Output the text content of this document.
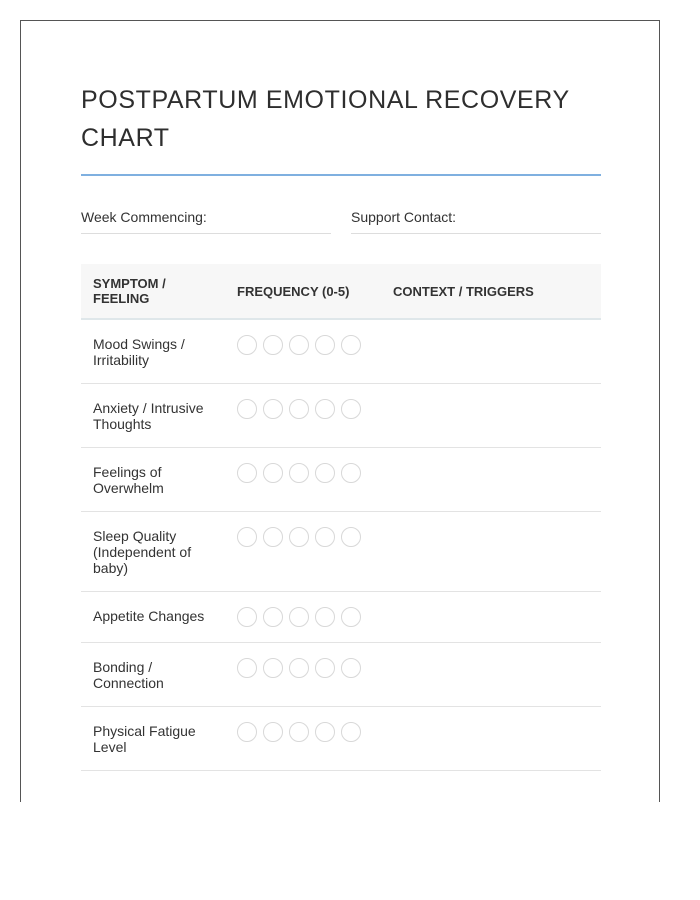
POSTPARTUM EMOTIONAL RECOVERY CHART
Week Commencing:	Support Contact:
SYMPTOM / FEELING	FREQUENCY (0-5)	CONTEXT / TRIGGERS
Mood Swings / Irritability	

Anxiety / Intrusive Thoughts	

Feelings of Overwhelm	

Sleep Quality (Independent of baby)	

Appetite Changes	

Bonding / Connection	

Physical Fatigue Level	
